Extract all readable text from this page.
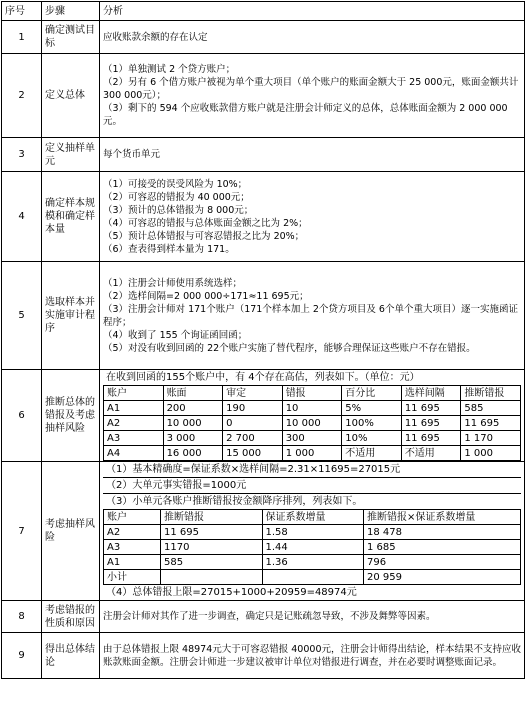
序号	步骤	分析
1	确定测试目标	

应收账款余额的存在认定

2	定义总体	

（1）单独测试 2 个贷方账户；

（2）另有 6 个借方账户被视为单个重大项目（单个账户的账面金额大于 25 000元，账面金额共计 300 000元）；

（3）剩下的 594 个应收账款借方账户就是注册会计师定义的总体，总体账面金额为 2 000 000元。

3	定义抽样单元	

每个货币单元

4	确定样本规模和确定样本量	

（1）可接受的误受风险为 10%；

（2）可容忍的错报为 40 000元；

（3）预计的总体错报为 8 000元；

（4）可容忍的错报与总体账面金额之比为 2%；

（5）预计总体错报与可容忍错报之比为 20%；

（6）查表得到样本量为 171。

5	选取样本并实施审计程序	

（1）注册会计师使用系统选样；

（2）选样间隔=2 000 000÷171≈11 695元；

（3）注册会计师对 171个账户（171个样本加上 2个贷方项目及 6个单个重大项目）逐一实施函证程序；

（4）收到了 155 个询证函回函；

（5）对没有收到回函的 22个账户实施了替代程序，能够合理保证这些账户不存在错报。

6	推断总体的错报及考虑抽样风险	
在收到回函的155个账户中，有 4个存在高估，列表如下。（单位：元）
账户	账面	审定	错报	百分比	选样间隔	推断错报
A1	200	190	10	5%	11 695	585
A2	10 000	0	10 000	100%	11 695	11 695
A3	3 000	2 700	300	10%	11 695	1 170
A4	16 000	15 000	1 000	不适用	不适用	1 000

7	考虑抽样风险	
（1）基本精确度=保证系数×选样间隔=2.31×11695=27015元
（2）大单元事实错报=1000元
（3）小单元各账户推断错报按金额降序排列，列表如下。
账户	推断错报	保证系数增量	推断错报×保证系数增量
A2	11 695	1.58	18 478
A3	1170	1.44	1 685
A1	585	1.36	796
小计			20 959
（4）总体错报上限=27015+1000+20959=48974元

8	考虑错报的性质和原因	

注册会计师对其作了进一步调查，确定只是记账疏忽导致，不涉及舞弊等因素。

9	得出总体结论	

由于总体错报上限 48974元大于可容忍错报 40000元，注册会计师得出结论，样本结果不支持应收账款账面金额。注册会计师进一步建议被审计单位对错报进行调查，并在必要时调整账面记录。
